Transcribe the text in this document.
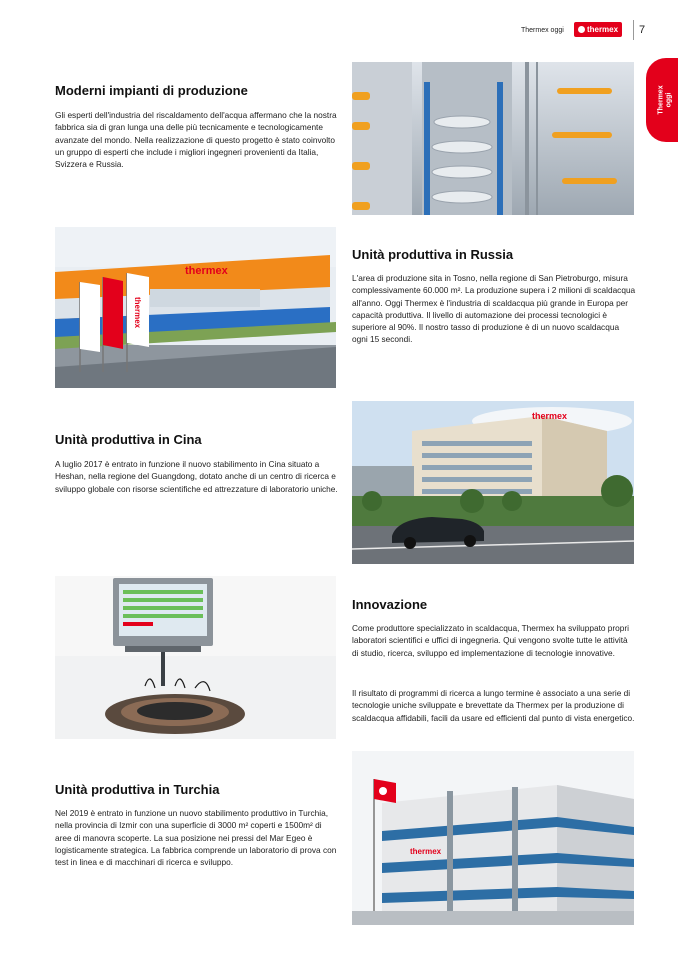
Thermex oggi	thermex 7
Thermex
oggi
Moderni impianti di produzione

Gli esperti dell'industria del riscaldamento dell'acqua affermano che la nostra fabbrica sia di gran lunga una delle più tecnicamente e tecnologicamente avanzate del mondo. Nella realizzazione di questo progetto è stato coinvolto un gruppo di esperti che include i migliori ingegneri provenienti da Italia, Svizzera e Russia.

thermex
thermex
Unità produttiva in Russia

L'area di produzione sita in Tosno, nella regione di San Pietroburgo, misura complessivamente 60.000 m². La produzione supera i 2 milioni di scaldacqua all'anno. Oggi Thermex è l'industria di scaldacqua più grande in Europa per capacità produttiva. Il livello di automazione dei processi tecnologici è superiore al 90%. Il nostro tasso di produzione è di un nuovo scaldacqua ogni 15 secondi.

Unità produttiva in Cina

A luglio 2017 è entrato in funzione il nuovo stabilimento in Cina situato a Heshan, nella regione del Guangdong, dotato anche di un centro di ricerca e sviluppo globale con risorse scientifiche ed attrezzature di laboratorio uniche.

thermex
Innovazione

Come produttore specializzato in scaldacqua, Thermex ha sviluppato propri laboratori scientifici e uffici di ingegneria. Qui vengono svolte tutte le attività di studio, ricerca, sviluppo ed implementazione di tecnologie innovative.

Il risultato di programmi di ricerca a lungo termine è associato a una serie di tecnologie uniche sviluppate e brevettate da Thermex per la produzione di scaldacqua affidabili, facili da usare ed efficienti dal punto di vista energetico.

Unità produttiva in Turchia

Nel 2019 è entrato in funzione un nuovo stabilimento produttivo in Turchia, nella provincia di Izmir con una superficie di 3000 m² coperti e 1500m² di aree di manovra scoperte. La sua posizione nei pressi del Mar Egeo è logisticamente strategica. La fabbrica comprende un laboratorio di prova con test in linea e di macchinari di ricerca e sviluppo.

thermex
